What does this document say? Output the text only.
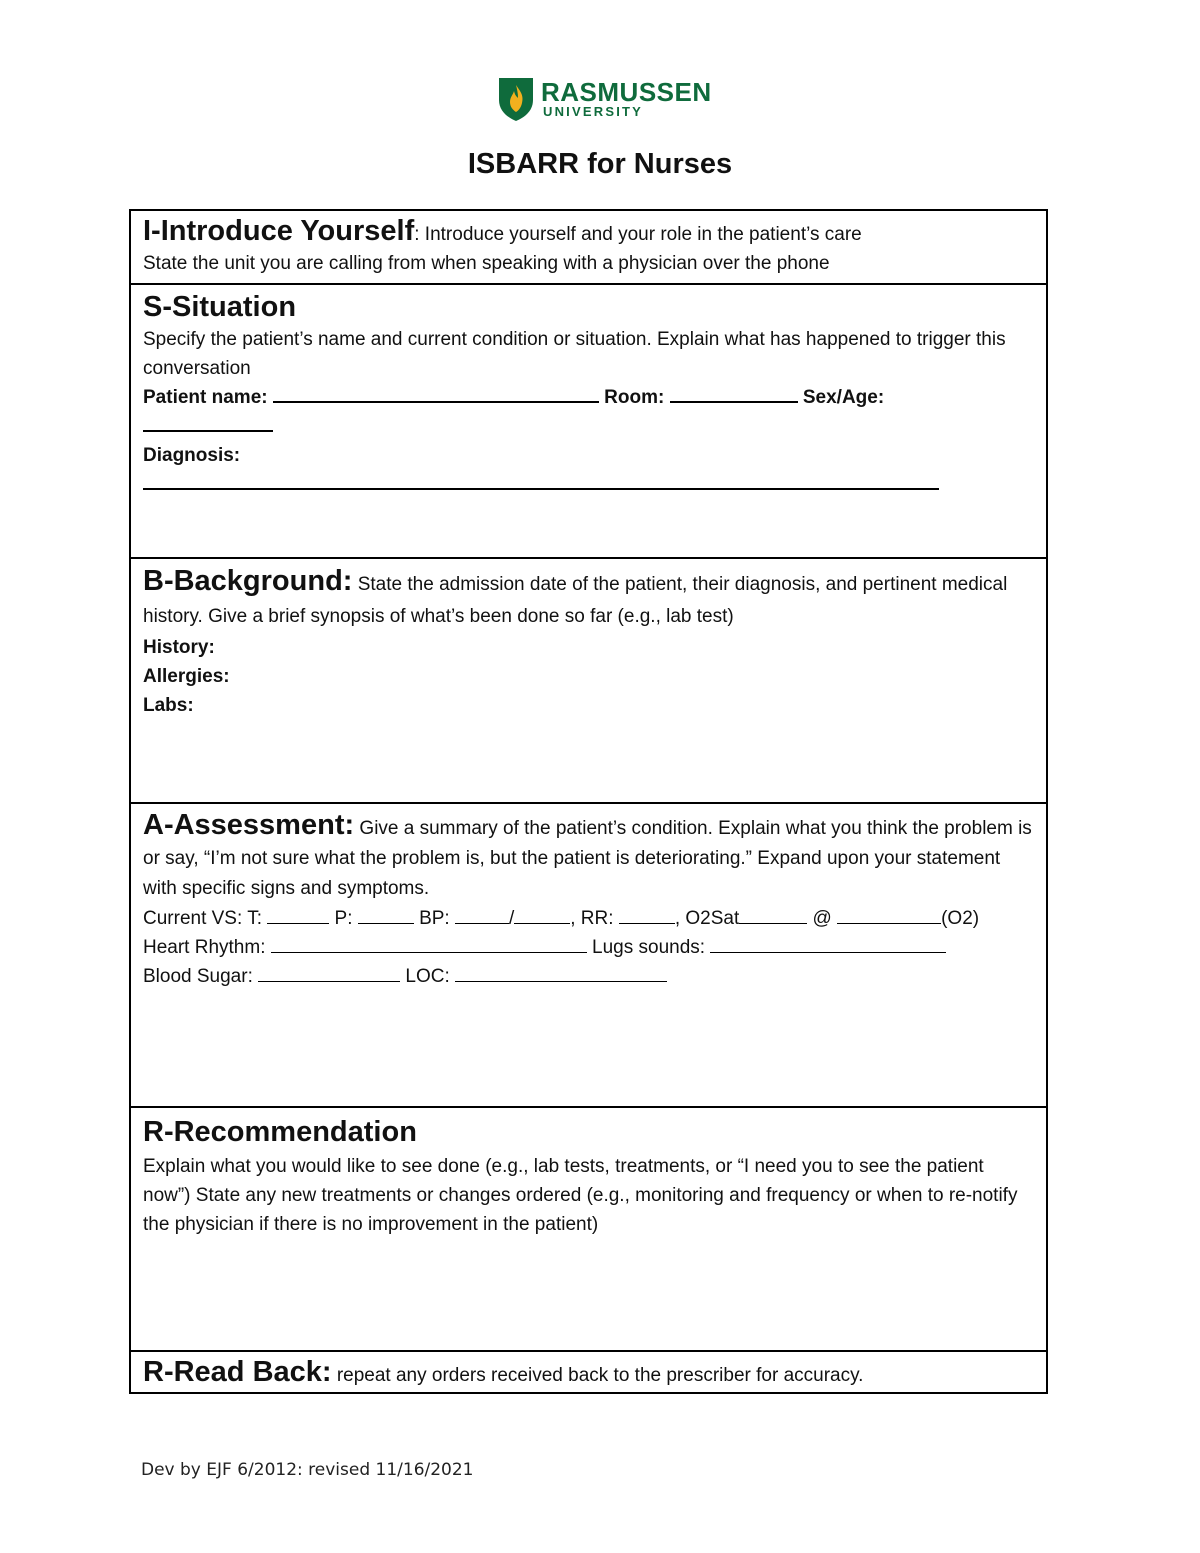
RASMUSSEN
UNIVERSITY
ISBARR for Nurses
I-Introduce Yourself: Introduce yourself and your role in the patient’s care
State the unit you are calling from when speaking with a physician over the phone
S-Situation
Specify the patient’s name and current condition or situation. Explain what has happened to trigger this conversation
Patient name:	Room:	Sex/Age:
Diagnosis:
B-Background: State the admission date of the patient, their diagnosis, and pertinent medical history. Give a brief synopsis of what’s been done so far (e.g., lab test)
History:
Allergies:
Labs:
A-Assessment: Give a summary of the patient’s condition. Explain what you think the problem is or say, “I’m not sure what the problem is, but the patient is deteriorating.” Expand upon your statement with specific signs and symptoms.
Current VS: T:	P:	BP:	/	, RR:	, O2Sat	@	(O2)
Heart Rhythm:	Lugs sounds:
Blood Sugar:	LOC:
R-Recommendation
Explain what you would like to see done (e.g., lab tests, treatments, or “I need you to see the patient now”) State any new treatments or changes ordered (e.g., monitoring and frequency or when to re-notify the physician if there is no improvement in the patient)
R-Read Back: repeat any orders received back to the prescriber for accuracy.
Dev by EJF 6/2012: revised 11/16/2021
